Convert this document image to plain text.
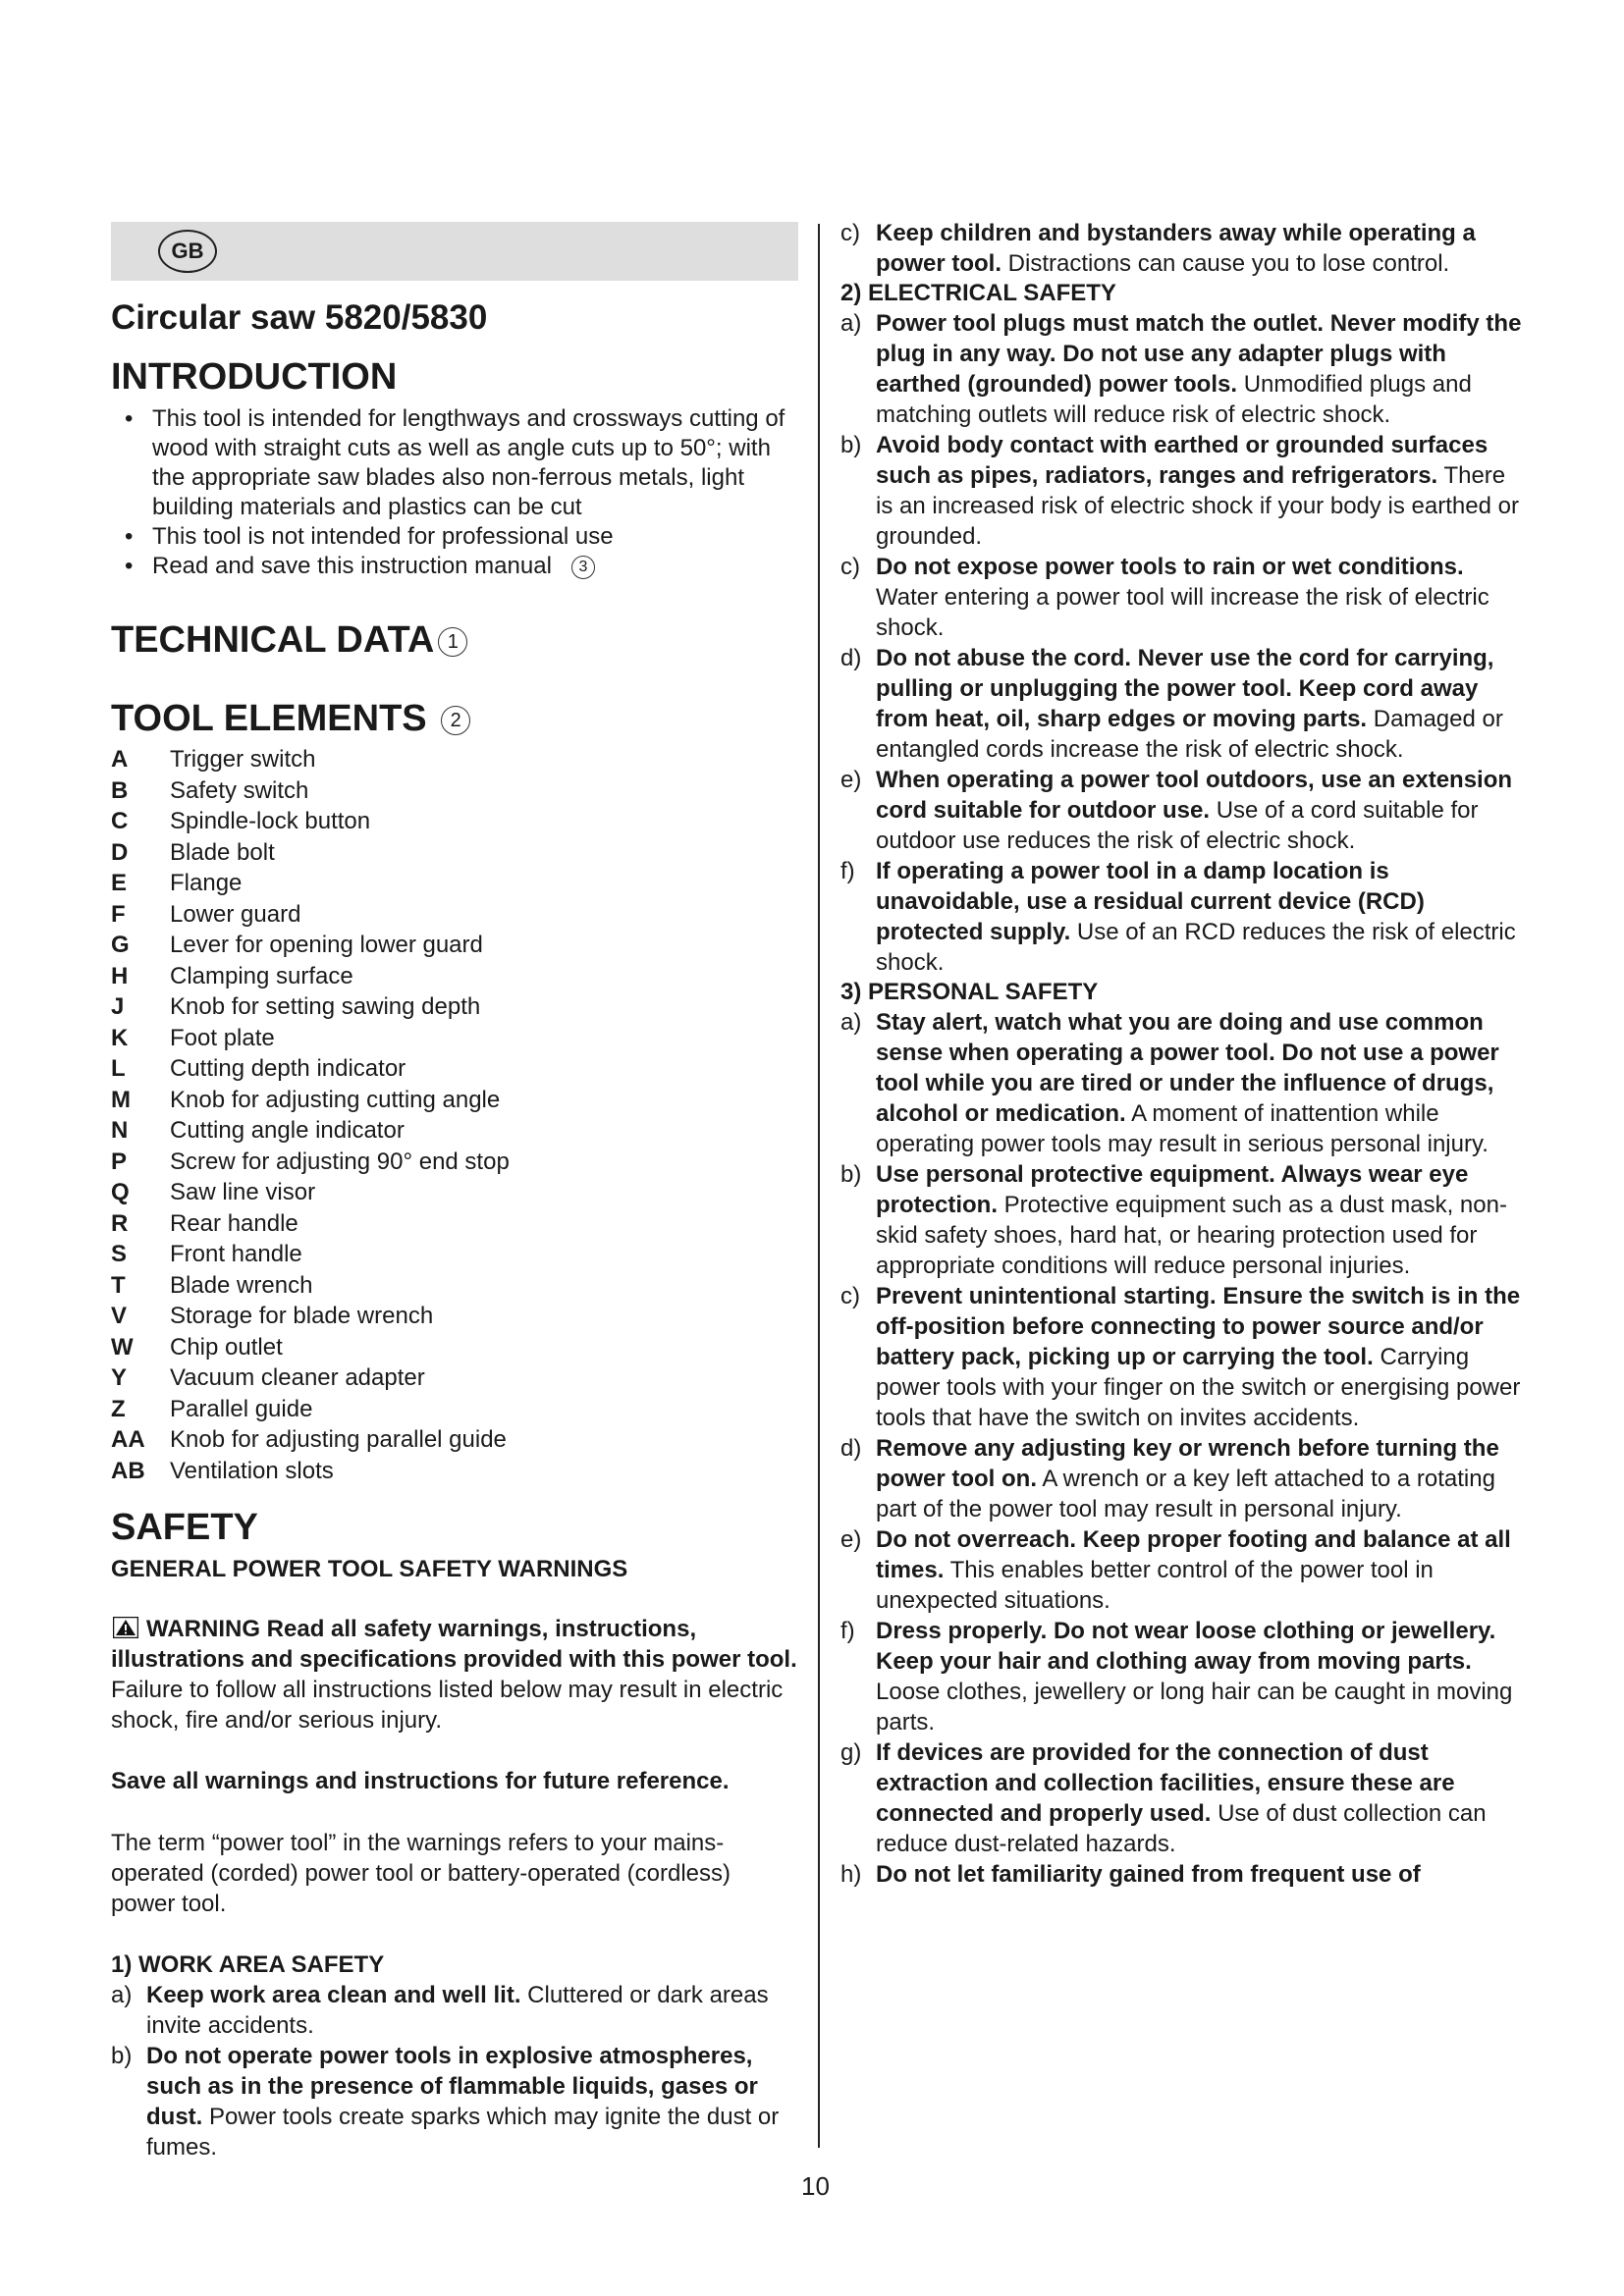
GB
Circular saw 5820/5830
INTRODUCTION
• This tool is intended for lengthways and crossways cutting of wood with straight cuts as well as angle cuts up to 50°; with the appropriate saw blades also non-ferrous metals, light building materials and plastics can be cut
• This tool is not intended for professional use
• Read and save this instruction manual 3
TECHNICAL DATA 1
TOOL ELEMENTS 2
A	Trigger switch
B	Safety switch
C	Spindle-lock button
D	Blade bolt
E	Flange
F	Lower guard
G	Lever for opening lower guard
H	Clamping surface
J	Knob for setting sawing depth
K	Foot plate
L	Cutting depth indicator
M	Knob for adjusting cutting angle
N	Cutting angle indicator
P	Screw for adjusting 90° end stop
Q	Saw line visor
R	Rear handle
S	Front handle
T	Blade wrench
V	Storage for blade wrench
W	Chip outlet
Y	Vacuum cleaner adapter
Z	Parallel guide
AA	Knob for adjusting parallel guide
AB	Ventilation slots
SAFETY
GENERAL POWER TOOL SAFETY WARNINGS

WARNING Read all safety warnings, instructions, illustrations and specifications provided with this power tool. Failure to follow all instructions listed below may result in electric shock, fire and/or serious injury.

Save all warnings and instructions for future reference.

The term “power tool” in the warnings refers to your mains-operated (corded) power tool or battery-operated (cordless) power tool.

1) WORK AREA SAFETY
a) Keep work area clean and well lit. Cluttered or dark areas invite accidents.
b) Do not operate power tools in explosive atmospheres, such as in the presence of flammable liquids, gases or dust. Power tools create sparks which may ignite the dust or fumes.
c) Keep children and bystanders away while operating a power tool. Distractions can cause you to lose control.
2) ELECTRICAL SAFETY
a) Power tool plugs must match the outlet. Never modify the plug in any way. Do not use any adapter plugs with earthed (grounded) power tools. Unmodified plugs and matching outlets will reduce risk of electric shock.
b) Avoid body contact with earthed or grounded surfaces such as pipes, radiators, ranges and refrigerators. There is an increased risk of electric shock if your body is earthed or grounded.
c) Do not expose power tools to rain or wet conditions. Water entering a power tool will increase the risk of electric shock.
d) Do not abuse the cord. Never use the cord for carrying, pulling or unplugging the power tool. Keep cord away from heat, oil, sharp edges or moving parts. Damaged or entangled cords increase the risk of electric shock.
e) When operating a power tool outdoors, use an extension cord suitable for outdoor use. Use of a cord suitable for outdoor use reduces the risk of electric shock.
f) If operating a power tool in a damp location is unavoidable, use a residual current device (RCD) protected supply. Use of an RCD reduces the risk of electric shock.
3) PERSONAL SAFETY
a) Stay alert, watch what you are doing and use common sense when operating a power tool. Do not use a power tool while you are tired or under the influence of drugs, alcohol or medication. A moment of inattention while operating power tools may result in serious personal injury.
b) Use personal protective equipment. Always wear eye protection. Protective equipment such as a dust mask, non-skid safety shoes, hard hat, or hearing protection used for appropriate conditions will reduce personal injuries.
c) Prevent unintentional starting. Ensure the switch is in the off-position before connecting to power source and/or battery pack, picking up or carrying the tool. Carrying power tools with your finger on the switch or energising power tools that have the switch on invites accidents.
d) Remove any adjusting key or wrench before turning the power tool on. A wrench or a key left attached to a rotating part of the power tool may result in personal injury.
e) Do not overreach. Keep proper footing and balance at all times. This enables better control of the power tool in unexpected situations.
f) Dress properly. Do not wear loose clothing or jewellery. Keep your hair and clothing away from moving parts. Loose clothes, jewellery or long hair can be caught in moving parts.
g) If devices are provided for the connection of dust extraction and collection facilities, ensure these are connected and properly used. Use of dust collection can reduce dust-related hazards.
h) Do not let familiarity gained from frequent use of
10
